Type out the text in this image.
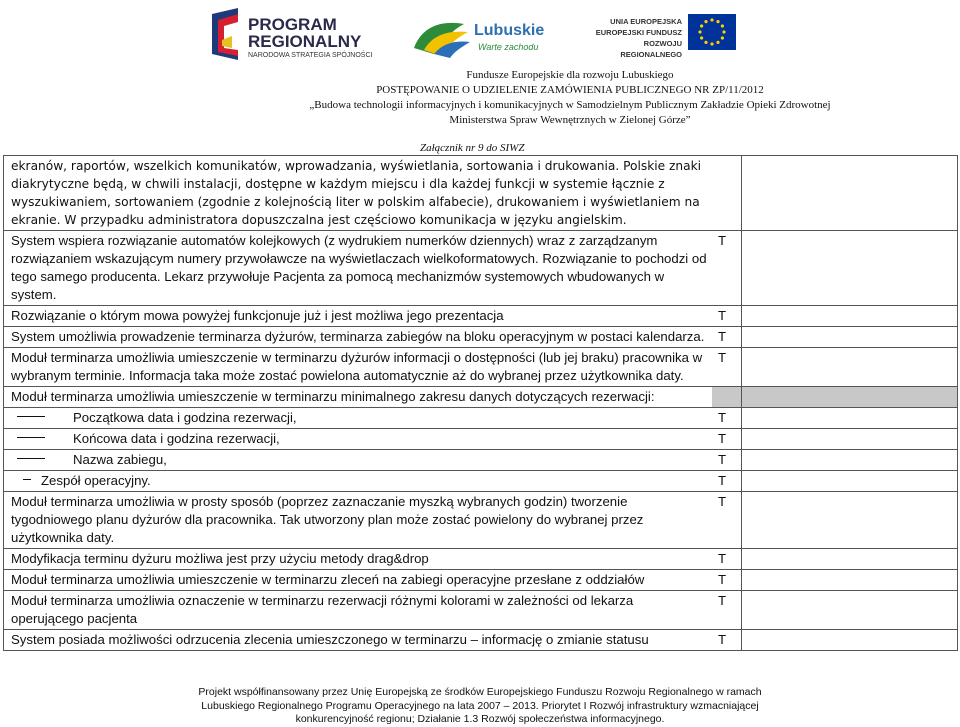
PROGRAM
REGIONALNY
NARODOWA STRATEGIA SPÓJNOŚCI
Lubuskie
Warte zachodu
UNIA EUROPEJSKA
EUROPEJSKI FUNDUSZ
ROZWOJU REGIONALNEGO
Fundusze Europejskie dla rozwoju Lubuskiego
POSTĘPOWANIE O UDZIELENIE ZAMÓWIENIA PUBLICZNEGO NR ZP/11/2012
„Budowa technologii informacyjnych i komunikacyjnych w Samodzielnym Publicznym Zakładzie Opieki Zdrowotnej
Ministerstwa Spraw Wewnętrznych w Zielonej Górze”
Załącznik nr 9 do SIWZ
ekranów, raportów, wszelkich komunikatów, wprowadzania, wyświetlania, sortowania i drukowania. Polskie znaki diakrytyczne będą, w chwili instalacji, dostępne w każdym miejscu i dla każdej funkcji w systemie łącznie z wyszukiwaniem, sortowaniem (zgodnie z kolejnością liter w polskim alfabecie), drukowaniem i wyświetlaniem na ekranie. W przypadku administratora dopuszczalna jest częściowo komunikacja w języku angielskim.		
System wspiera rozwiązanie automatów kolejkowych (z wydrukiem numerków dziennych) wraz z zarządzanym rozwiązaniem wskazującym numery przywoławcze na wyświetlaczach wielkoformatowych. Rozwiązanie to pochodzi od tego samego producenta. Lekarz przywołuje Pacjenta za pomocą mechanizmów systemowych wbudowanych w system.	T	
Rozwiązanie o którym mowa powyżej funkcjonuje już i jest możliwa jego prezentacja	T	
System umożliwia prowadzenie terminarza dyżurów, terminarza zabiegów na bloku operacyjnym w postaci kalendarza.	T	
Moduł terminarza umożliwia umieszczenie w terminarzu dyżurów informacji o dostępności (lub jej braku) pracownika w wybranym terminie. Informacja taka może zostać powielona automatycznie aż do wybranej przez użytkownika daty.	T	
Moduł terminarza umożliwia umieszczenie w terminarzu minimalnego zakresu danych dotyczących rezerwacji:		
Początkowa data i godzina rezerwacji,	T	
Końcowa data i godzina rezerwacji,	T	
Nazwa zabiegu,	T	
Zespół operacyjny.	T	
Moduł terminarza umożliwia w prosty sposób (poprzez zaznaczanie myszką wybranych godzin) tworzenie tygodniowego planu dyżurów dla pracownika. Tak utworzony plan może zostać powielony do wybranej przez użytkownika daty.	T	
Modyfikacja terminu dyżuru możliwa jest przy użyciu metody drag&drop	T	
Moduł terminarza umożliwia umieszczenie w terminarzu zleceń na zabiegi operacyjne przesłane z oddziałów	T	
Moduł terminarza umożliwia oznaczenie w terminarzu rezerwacji różnymi kolorami w zależności od lekarza operującego pacjenta	T	
System posiada możliwości odrzucenia zlecenia umieszczonego w terminarzu – informację o zmianie statusu	T	
Projekt współfinansowany przez Unię Europejską ze środków Europejskiego Funduszu Rozwoju Regionalnego w ramach
Lubuskiego Regionalnego Programu Operacyjnego na lata 2007 – 2013. Priorytet I Rozwój infrastruktury wzmacniającej
konkurencyjność regionu; Działanie 1.3 Rozwój społeczeństwa informacyjnego.
